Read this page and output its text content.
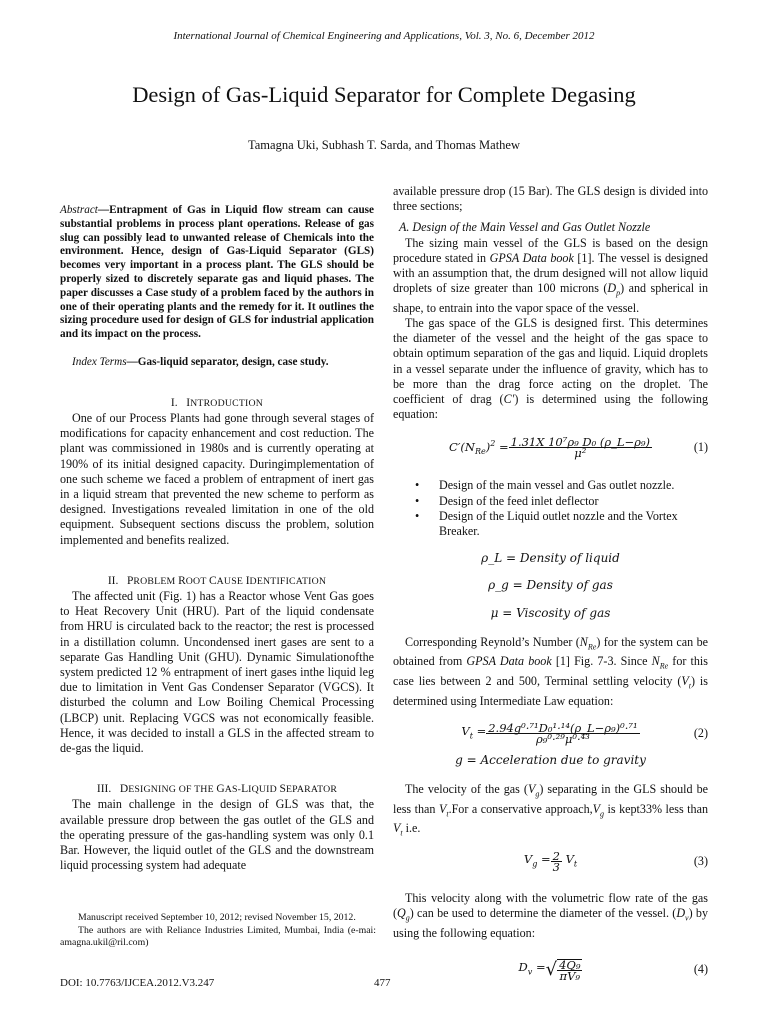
International Journal of Chemical Engineering and Applications, Vol. 3, No. 6, December 2012
Design of Gas-Liquid Separator for Complete Degasing
Tamagna Uki, Subhash T. Sarda, and Thomas Mathew

Abstract—Entrapment of Gas in Liquid flow stream can cause substantial problems in process plant operations. Release of gas slug can possibly lead to unwanted release of Chemicals into the environment. Hence, design of Gas-Liquid Separator (GLS) becomes very important in a process plant. The GLS should be properly sized to discretely separate gas and liquid phases. The paper discusses a Case study of a problem faced by the authors in one of their operating plants and the remedy for it. It outlines the sizing procedure used for design of GLS for industrial application and its impact on the process.

Index Terms—Gas-liquid separator, design, case study.

I. INTRODUCTION

One of our Process Plants had gone through several stages of modifications for capacity enhancement and cost reduction. The plant was commissioned in 1980s and is currently operating at 190% of its initial designed capacity. Duringimplementation of one such scheme we faced a problem of entrapment of inert gas in a liquid stream that prevented the new scheme to perform as designed. Investigations revealed limitation in one of the old equipment. Subsequent sections discuss the problem, solution implemented and benefits realized.

II. PROBLEM ROOT CAUSE IDENTIFICATION

The affected unit (Fig. 1) has a Reactor whose Vent Gas goes to Heat Recovery Unit (HRU). Part of the liquid condensate from HRU is circulated back to the reactor; the rest is processed in a distillation column. Uncondensed inert gases are sent to a separate Gas Handling Unit (GHU). Dynamic Simulationofthe system predicted 12 % entrapment of inert gases inthe liquid leg due to limitation in Vent Gas Condenser Separator (VGCS). It disturbed the column and Low Boiling Chemical Processing (LBCP) unit. Replacing VGCS was not economically feasible. Hence, it was decided to install a GLS in the affected stream to de-gas the liquid.

III. DESIGNING OF THE GAS-LIQUID SEPARATOR

The main challenge in the design of GLS was that, the available pressure drop between the gas outlet of the GLS and the operating pressure of the gas-handling system was only 0.1 Bar. However, the liquid outlet of the GLS and the downstream liquid processing system had adequate

available pressure drop (15 Bar). The GLS design is divided into three sections;

A. Design of the Main Vessel and Gas Outlet Nozzle

The sizing main vessel of the GLS is based on the design procedure stated in GPSA Data book [1]. The vessel is designed with an assumption that, the drum designed will not allow liquid droplets of size greater than 100 microns $(D_p)$ and spherical in shape, to entrain into the vapor space of the vessel.

The gas space of the GLS is designed first. This determines the diameter of the vessel and the height of the gas space to obtain optimum separation of the gas and liquid. Liquid droplets in a vessel separate under the influence of gravity, which has to be more than the drag force acting on the droplet. The coefficient of drag (C′) is determined using the following equation:

$C'(N_{Re})^2 = \frac{\text{1.31X 10⁷ρ₉ D₀ (ρ\_L−ρ₉)}}{\text{μ²}}$	(1)
• Design of the main vessel and Gas outlet nozzle.
• Design of the feed inlet deflector
• Design of the Liquid outlet nozzle and the Vortex Breaker.

ρ_L = Density of liquid

ρ_g = Density of gas

μ = Viscosity of gas

Corresponding Reynold’s Number $(N_{Re})$ for the system can be obtained from GPSA Data book [1] Fig. 7-3. Since $N_{Re}$ for this case lies between 2 and 500, Terminal settling velocity $(V_t)$ is determined using Intermediate Law equation:

$V_t = \frac{\text{2.94g⁰·⁷¹D₀¹·¹⁴(ρ\_L−ρ₉)⁰·⁷¹}}{\text{ρ₉⁰·²⁹μ⁰·⁴³}}$	(2)

g = Acceleration due to gravity

The velocity of the gas $(V_g)$ separating in the GLS should be less than $V_t.For$ a conservative $approach,V_g$ is kept33% less than $V_t$ i.e.

$V_g = \frac{2}{3} V_t$	(3)

This velocity along with the volumetric flow rate of the gas $(Q_g)$ can be used to determine the diameter of the vessel. $(D_v)$ by using the following equation:

$D_v$ = √ $\frac{\text{4Q₉}}{\text{πV₉}}$	(4)

Manuscript received September 10, 2012; revised November 15, 2012.

The authors are with Reliance Industries Limited, Mumbai, India (e-mai: amagna.ukil@ril.com)

DOI: 10.7763/IJCEA.2012.V3.247	477
